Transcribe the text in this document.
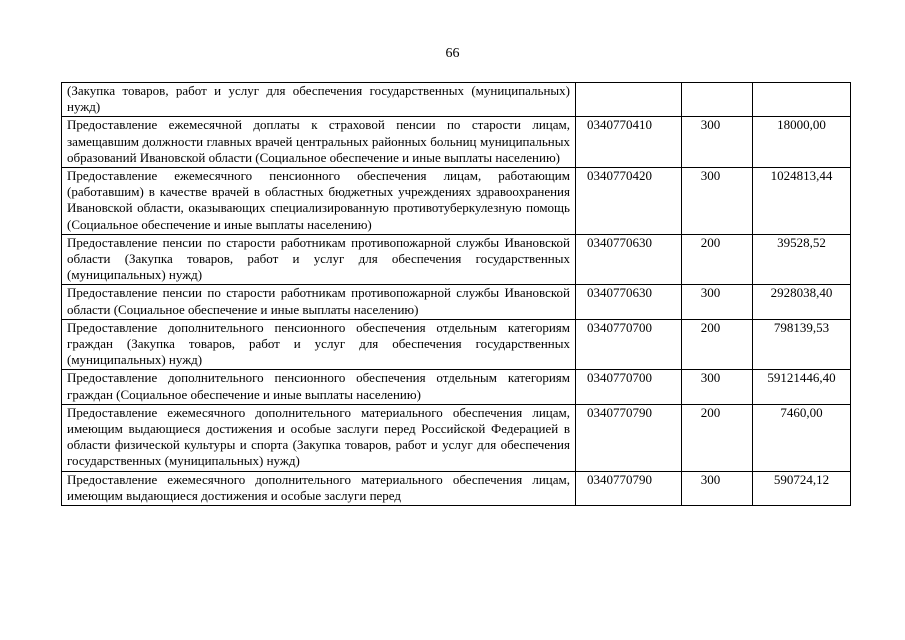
66
(Закупка товаров, работ и услуг для обеспечения государственных (муниципальных) нужд)			
Предоставление ежемесячной доплаты к страховой пенсии по старости лицам, замещавшим должности главных врачей центральных районных больниц муниципальных образований Ивановской области (Социальное обеспечение и иные выплаты населению)	0340770410	300	18000,00
Предоставление ежемесячного пенсионного обеспечения лицам, работающим (работавшим) в качестве врачей в областных бюджетных учреждениях здравоохранения Ивановской области, оказывающих специализированную противотуберкулезную помощь (Социальное обеспечение и иные выплаты населению)	0340770420	300	1024813,44
Предоставление пенсии по старости работникам противопожарной службы Ивановской области (Закупка товаров, работ и услуг для обеспечения государственных (муниципальных) нужд)	0340770630	200	39528,52
Предоставление пенсии по старости работникам противопожарной службы Ивановской области (Социальное обеспечение и иные выплаты населению)	0340770630	300	2928038,40
Предоставление дополнительного пенсионного обеспечения отдельным категориям граждан (Закупка товаров, работ и услуг для обеспечения государственных (муниципальных) нужд)	0340770700	200	798139,53
Предоставление дополнительного пенсионного обеспечения отдельным категориям граждан (Социальное обеспечение и иные выплаты населению)	0340770700	300	59121446,40
Предоставление ежемесячного дополнительного материального обеспечения лицам, имеющим выдающиеся достижения и особые заслуги перед Российской Федерацией в области физической культуры и спорта (Закупка товаров, работ и услуг для обеспечения государственных (муниципальных) нужд)	0340770790	200	7460,00
Предоставление ежемесячного дополнительного материального обеспечения лицам, имеющим выдающиеся достижения и особые заслуги перед	0340770790	300	590724,12
